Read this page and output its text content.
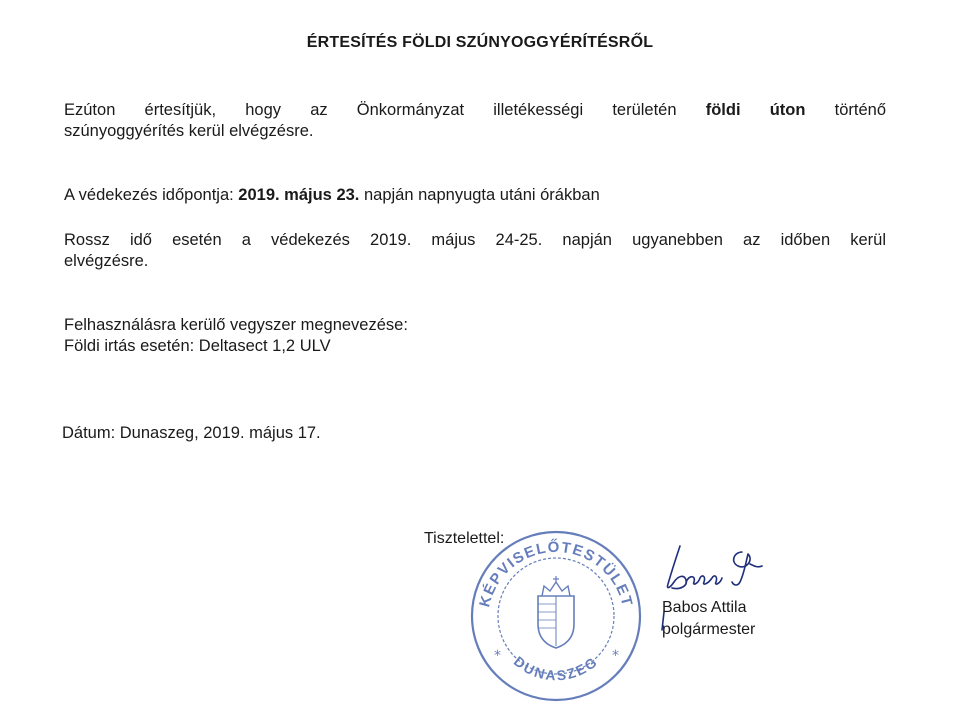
ÉRTESÍTÉS FÖLDI SZÚNYOGGYÉRÍTÉSRŐL
Ezúton értesítjük, hogy az Önkormányzat illetékességi területén földi úton történő
szúnyoggyérítés kerül elvégzésre.
A védekezés időpontja: 2019. május 23. napján napnyugta utáni órákban
Rossz idő esetén a védekezés 2019. május 24-25. napján ugyanebben az időben kerül
elvégzésre.
Felhasználásra kerülő vegyszer megnevezése:
Földi irtás esetén: Deltasect 1,2 ULV
Dátum: Dunaszeg, 2019. május 17.
KÉPVISELŐTESTÜLET
DUNASZEG
*	*
Tisztelettel:
Babos Attila
polgármester
